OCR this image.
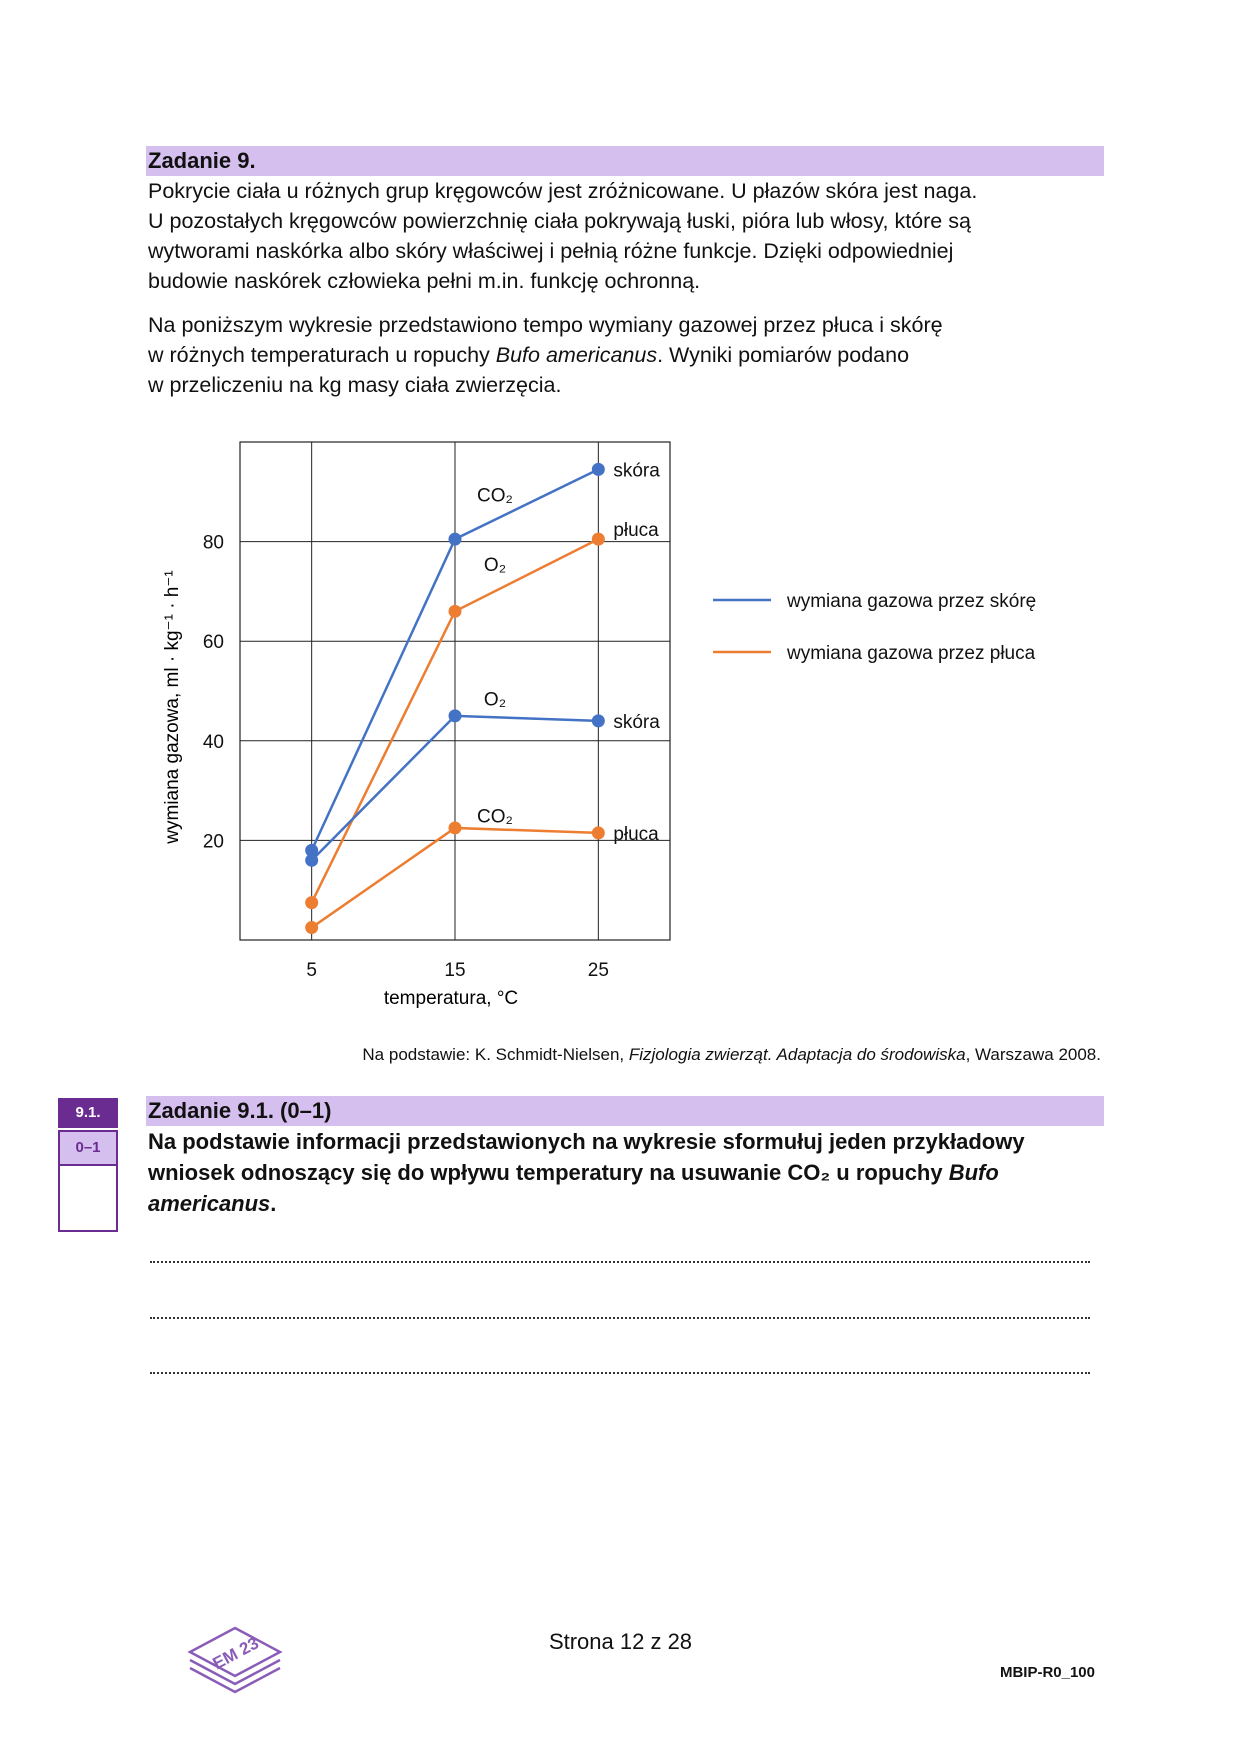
Zadanie 9.

Pokrycie ciała u różnych grup kręgowców jest zróżnicowane. U płazów skóra jest naga.

U pozostałych kręgowców powierzchnię ciała pokrywają łuski, pióra lub włosy, które są

wytworami naskórka albo skóry właściwej i pełnią różne funkcje. Dzięki odpowiedniej

budowie naskórek człowieka pełni m.in. funkcję ochronną.

Na poniższym wykresie przedstawiono tempo wymiany gazowej przez płuca i skórę

w różnych temperaturach u ropuchy Bufo americanus. Wyniki pomiarów podano

w przeliczeniu na kg masy ciała zwierzęcia.

20
40
60
80
5	15	25
CO₂
O₂
O₂
CO₂
skóra
płuca
skóra
płuca
wymiana gazowa, ml · kg⁻¹ · h⁻¹
temperatura, °C
wymiana gazowa przez skórę
wymiana gazowa przez płuca
Na podstawie: K. Schmidt-Nielsen, Fizjologia zwierząt. Adaptacja do środowiska, Warszawa 2008.
9.1.
0–1
Zadanie 9.1. (0–1)
Na podstawie informacji przedstawionych na wykresie sformułuj jeden przykładowy
wniosek odnoszący się do wpływu temperatury na usuwanie CO₂ u ropuchy Bufo
americanus.
EM 23	Strona 12 z 28
MBIP-R0_100
